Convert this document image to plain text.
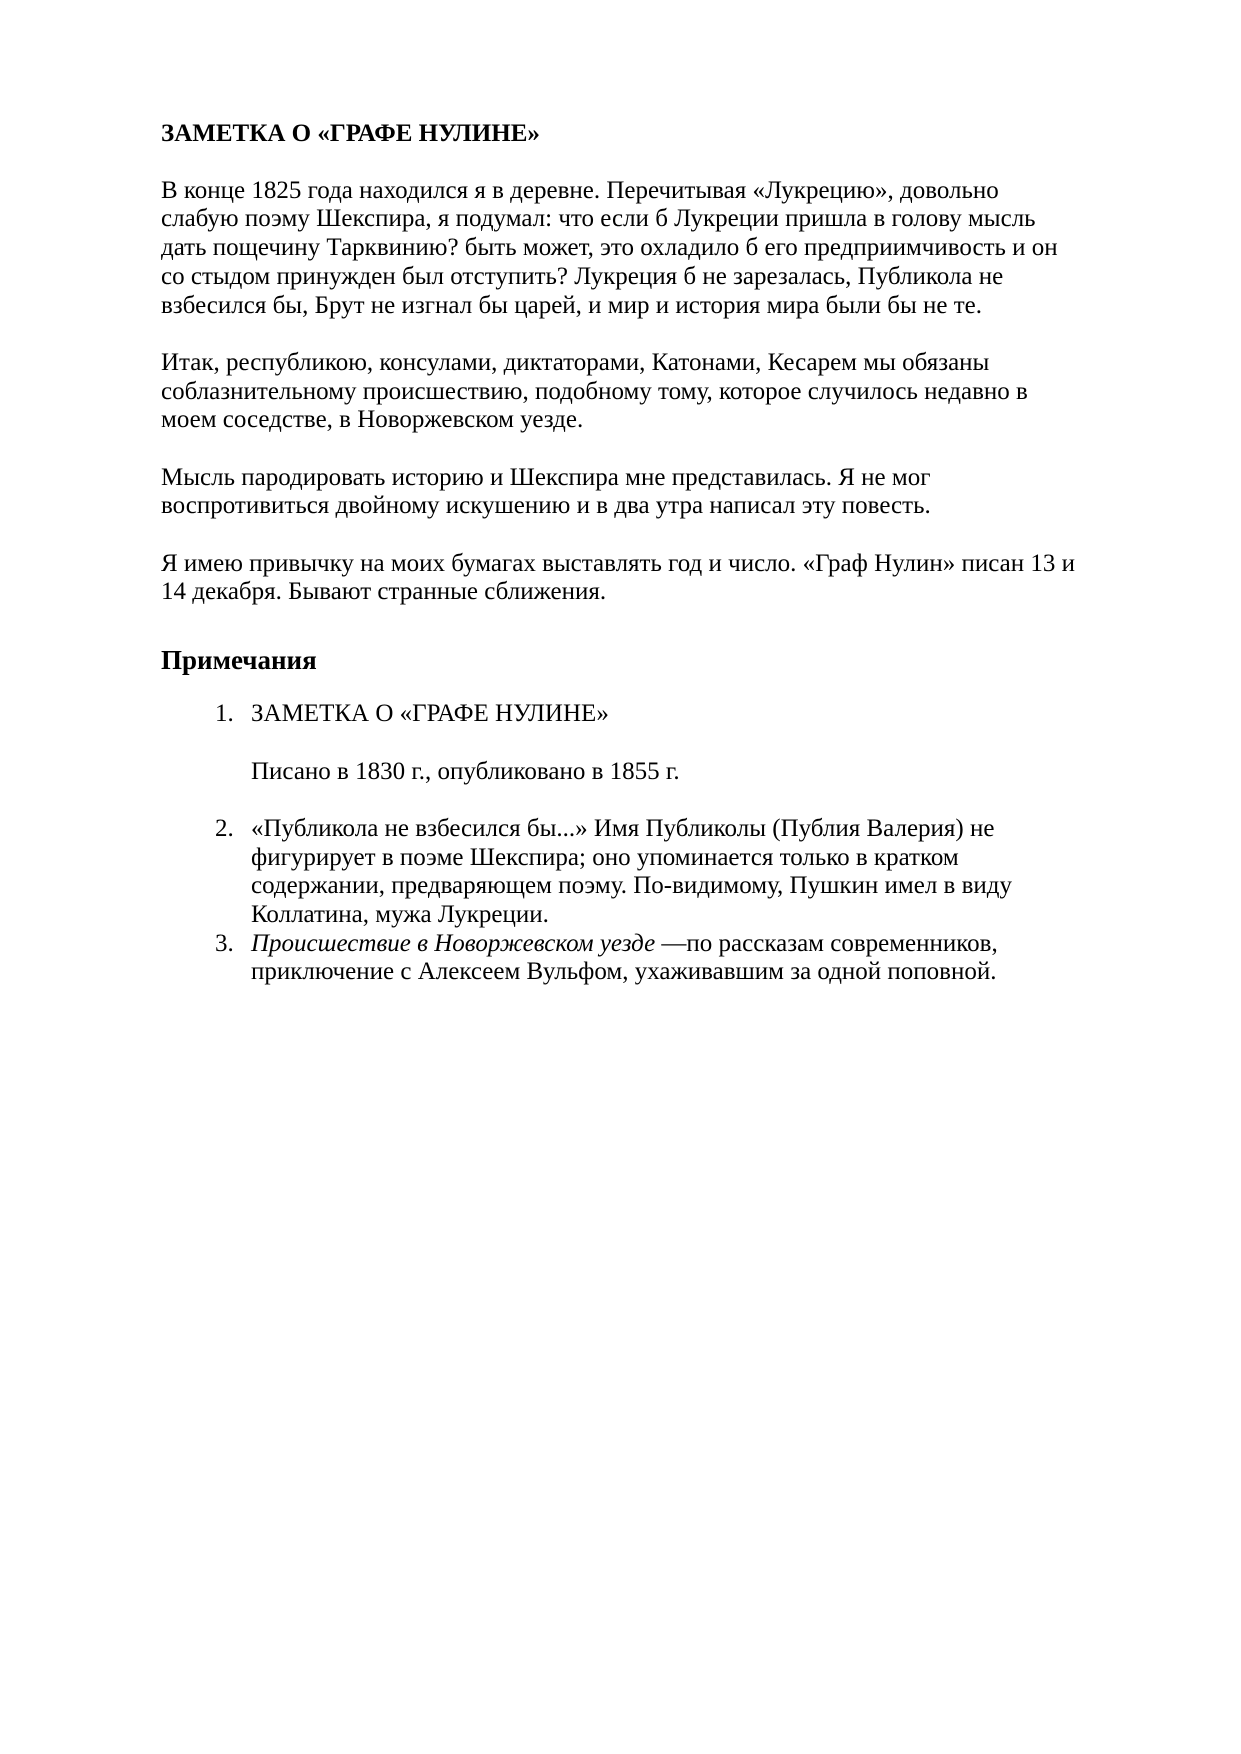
ЗАМЕТКА О «ГРАФЕ НУЛИНЕ»

В конце 1825 года находился я в деревне. Перечитывая «Лукрецию», довольно слабую поэму Шекспира, я подумал: что если б Лукреции пришла в голову мысль дать пощечину Тарквинию? быть может, это охладило б его предприимчивость и он со стыдом принужден был отступить? Лукреция б не зарезалась, Публикола не взбесился бы, Брут не изгнал бы царей, и мир и история мира были бы не те.

Итак, республикою, консулами, диктаторами, Катонами, Кесарем мы обязаны соблазнительному происшествию, подобному тому, которое случилось недавно в моем соседстве, в Новоржевском уезде.

Мысль пародировать историю и Шекспира мне представилась. Я не мог воспротивиться двойному искушению и в два утра написал эту повесть.

Я имею привычку на моих бумагах выставлять год и число. «Граф Нулин» писан 13 и 14 декабря. Бывают странные сближения.

Примечания
1. ЗАМЕТКА О «ГРАФЕ НУЛИНЕ»

Писано в 1830 г., опубликовано в 1855 г.

2. «Публикола не взбесился бы...» Имя Публиколы (Публия Валерия) не фигурирует в поэме Шекспира; оно упоминается только в кратком содержании, предваряющем поэму. По-видимому, Пушкин имел в виду Коллатина, мужа Лукреции.
3. Происшествие в Новоржевском уезде —по рассказам современников, приключение с Алексеем Вульфом, ухаживавшим за одной поповной.
